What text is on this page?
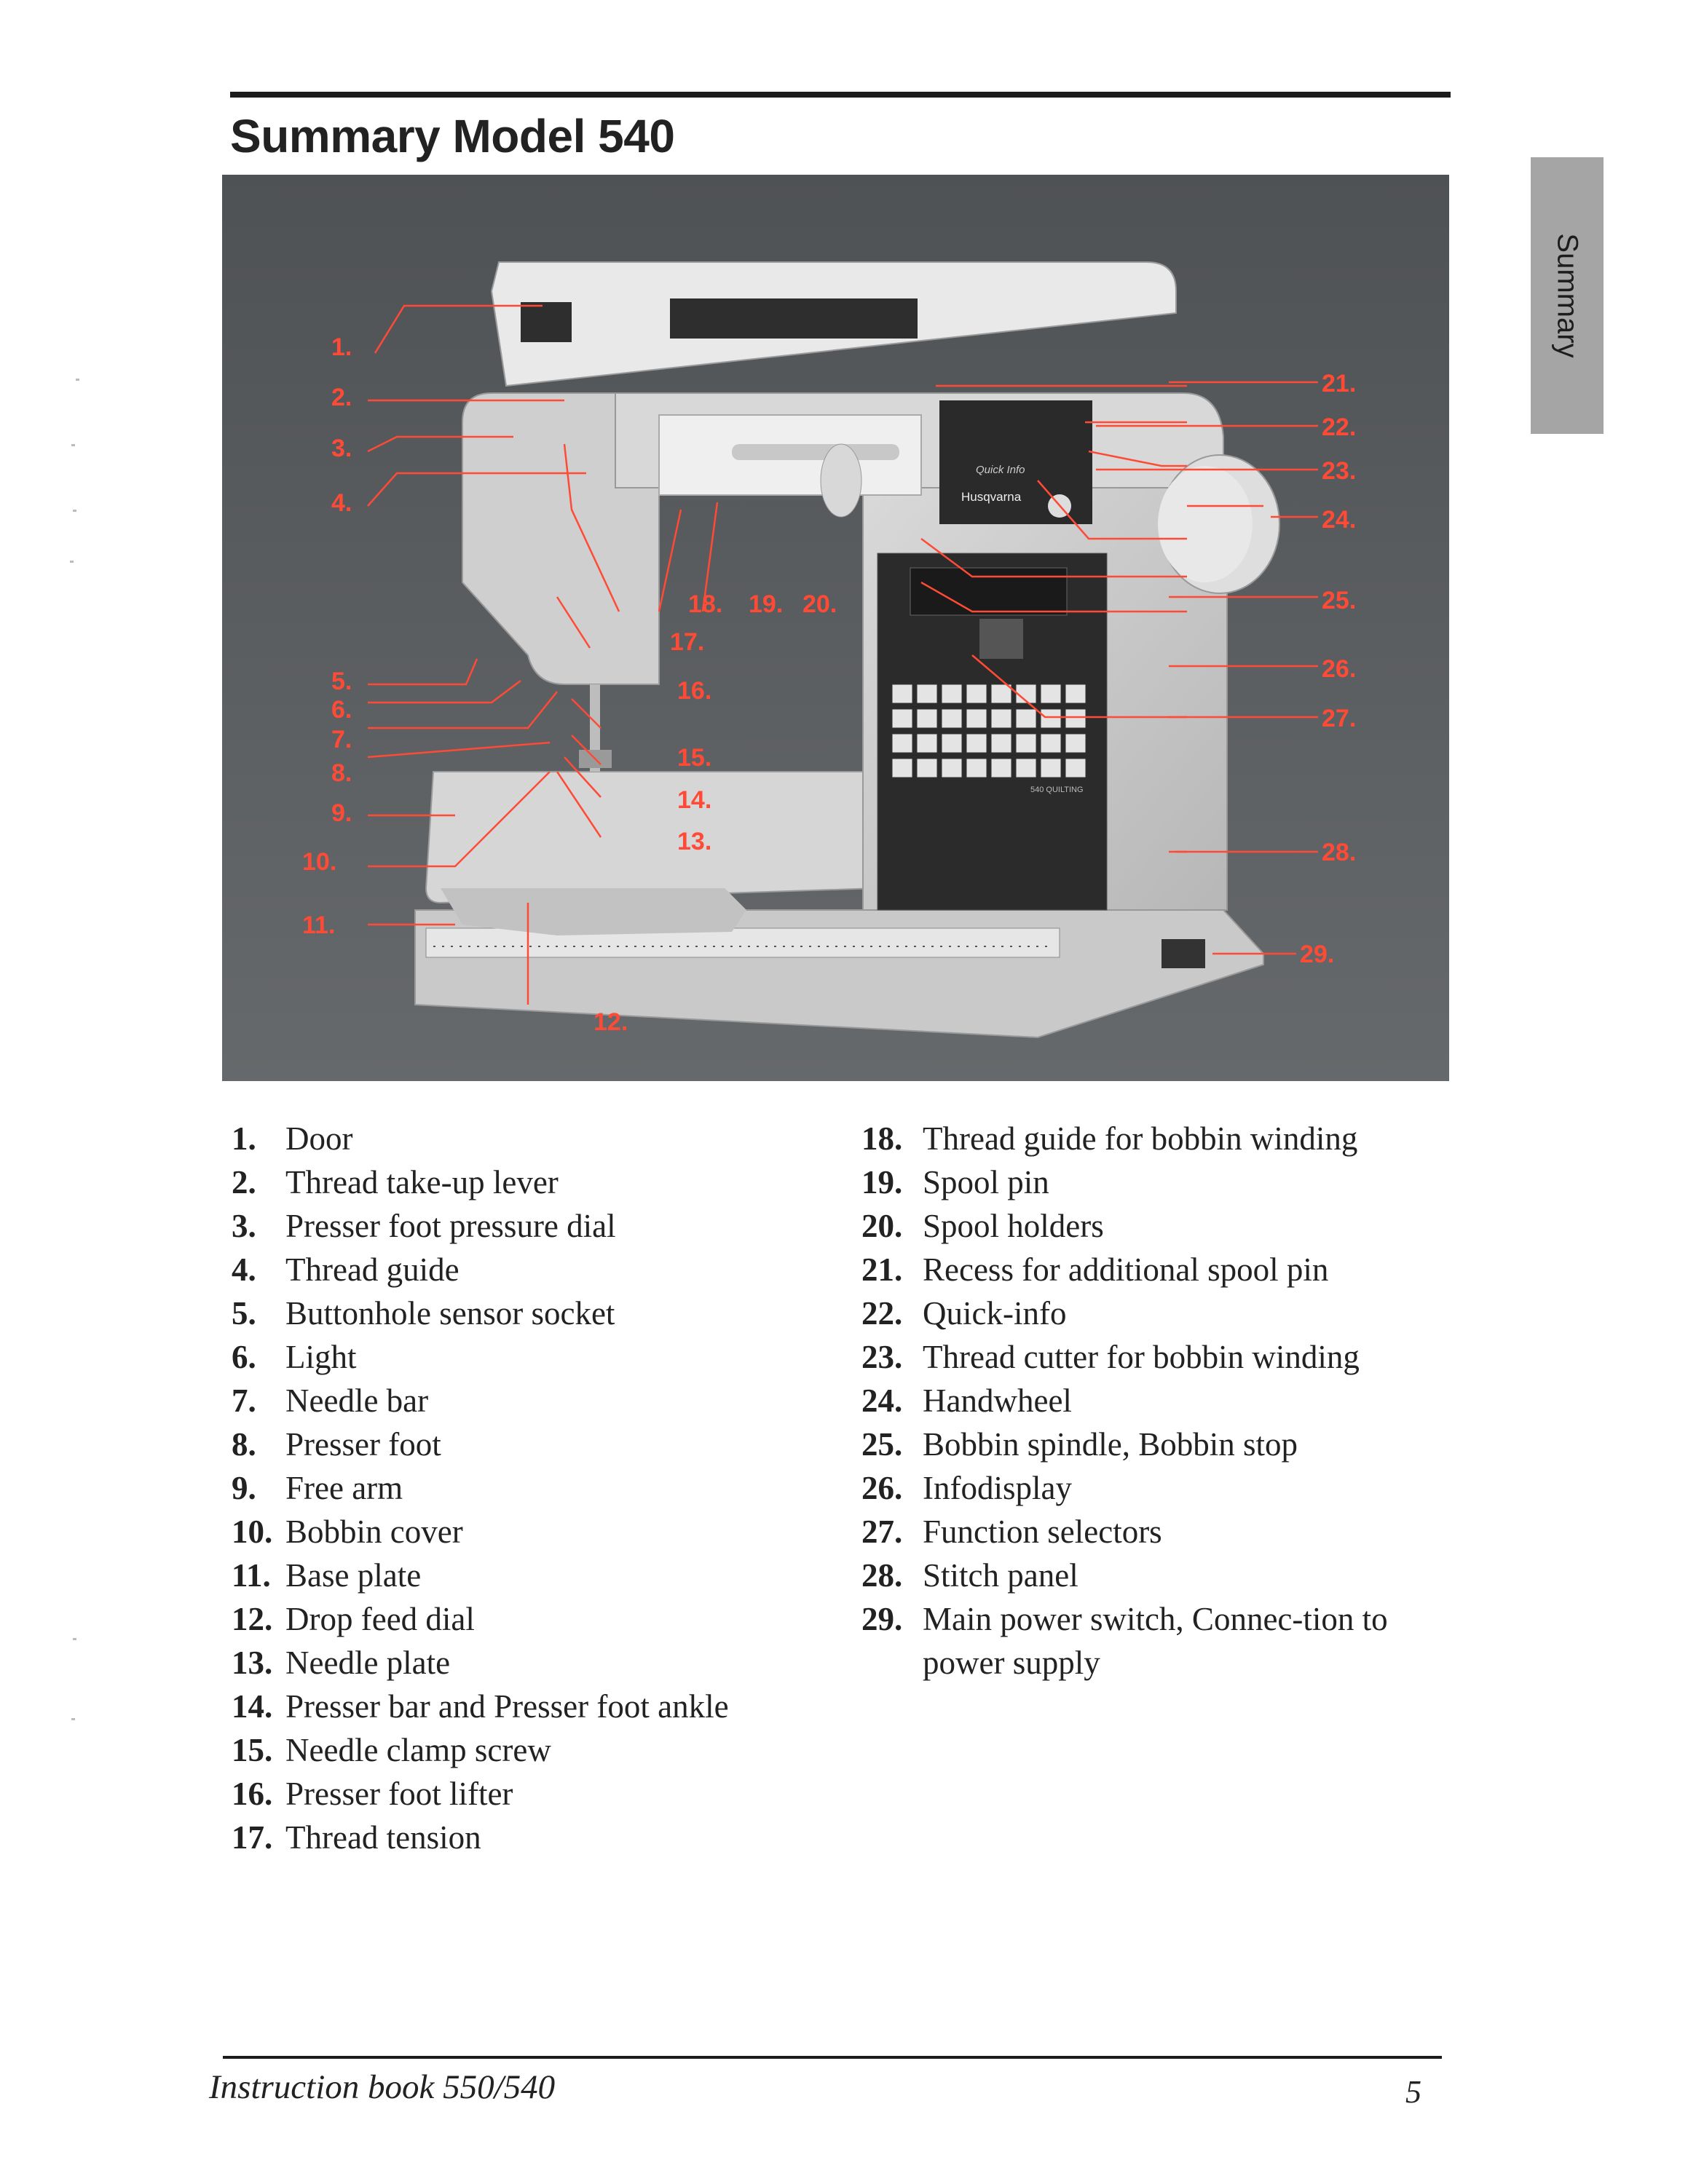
Summary Model 540
Summary
Quick Info
Husqvarna
540 QUILTING
1.
2.
3.
4.
5.
6.
7.
8.
9.
10.
11.
12.
13.
14.
15.
16.
17.
18. 19. 20.
21.
22.
23.
24.
25.
26.
27.
28.
29.
1. Door
2. Thread take-up lever
3. Presser foot pressure dial
4. Thread guide
5. Buttonhole sensor socket
6. Light
7. Needle bar
8. Presser foot
9. Free arm
10. Bobbin cover
11. Base plate
12. Drop feed dial
13. Needle plate
14. Presser bar and Presser foot ankle
15. Needle clamp screw
16. Presser foot lifter
17. Thread tension
18. Thread guide for bobbin winding
19. Spool pin
20. Spool holders
21. Recess for additional spool pin
22. Quick-info
23. Thread cutter for bobbin winding
24. Handwheel
25. Bobbin spindle, Bobbin stop
26. Infodisplay
27. Function selectors
28. Stitch panel
29. Main power switch, Connec-tion to power supply
Instruction book 550/540	5
